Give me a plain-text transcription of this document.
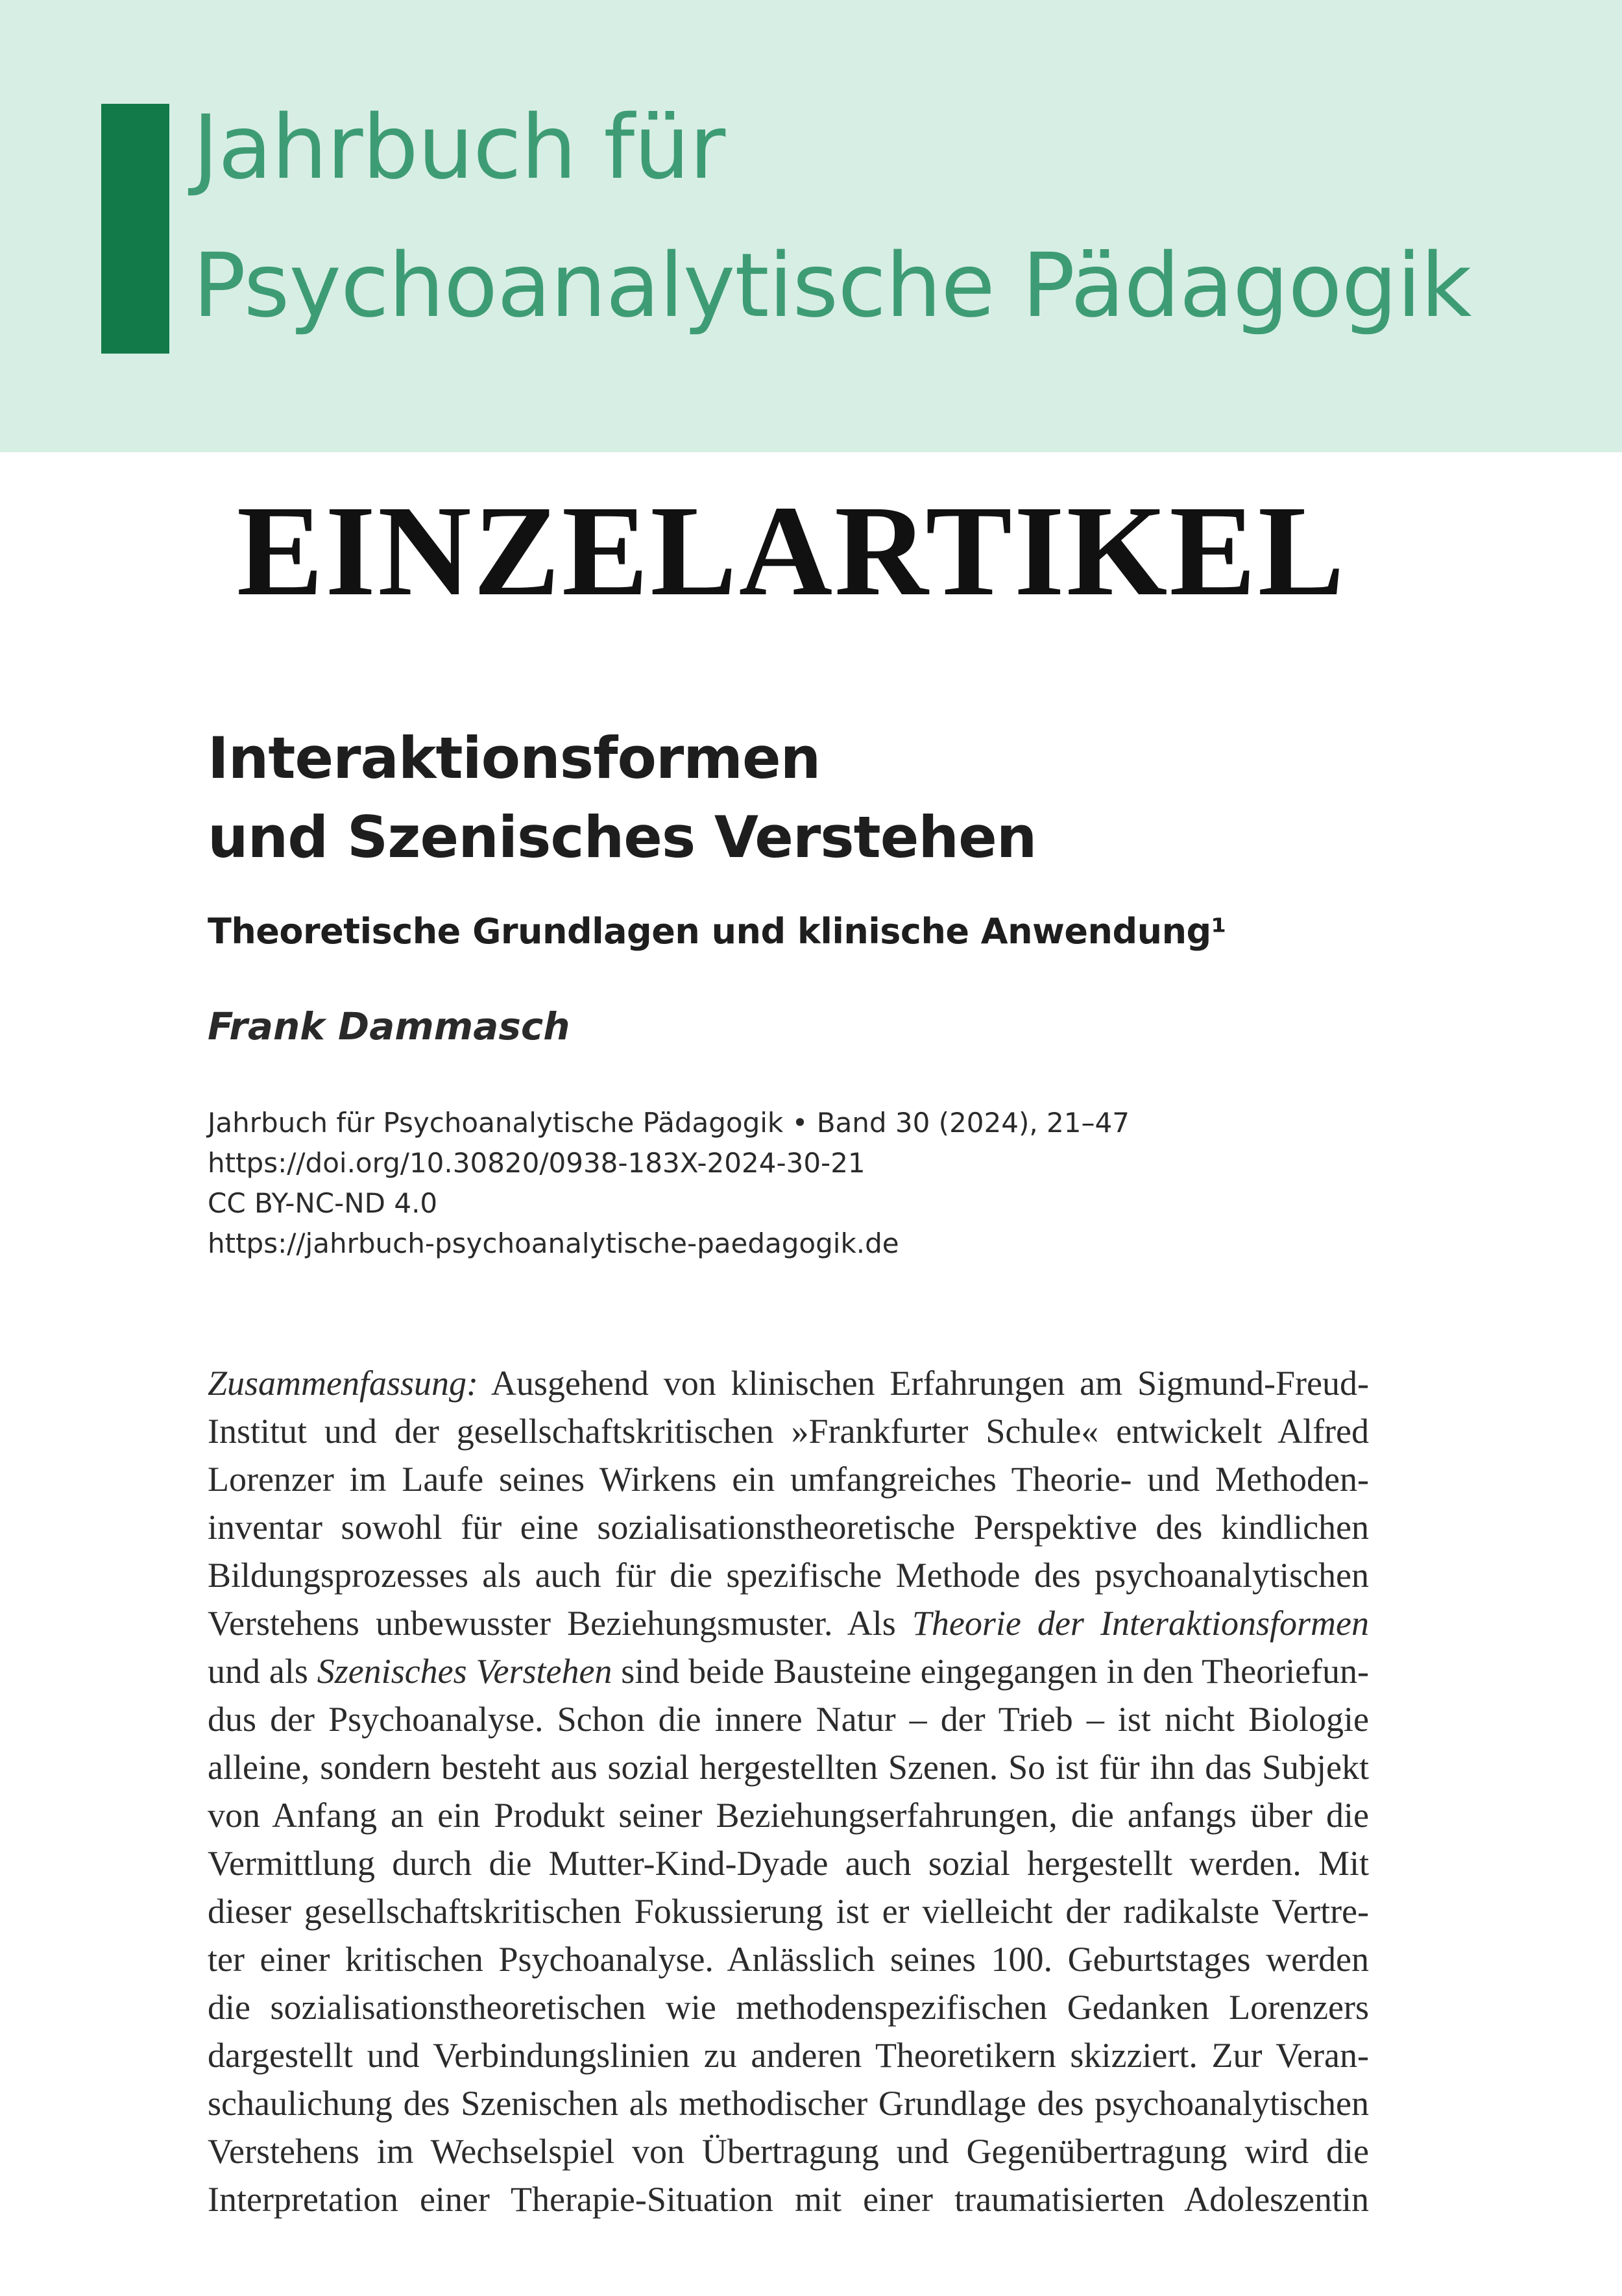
Jahrbuch für
Psychoanalytische Pädagogik
EINZELARTIKEL
Interaktionsformen
und Szenisches Verstehen
Theoretische Grundlagen und klinische Anwendung¹
Frank Dammasch
Jahrbuch für Psychoanalytische Pädagogik • Band 30 (2024), 21–47
https://doi.org/10.30820/0938-183X-2024-30-21
CC BY-NC-ND 4.0
https://jahrbuch-psychoanalytische-paedagogik.de
Zusammenfassung: Ausgehend von klinischen Erfahrungen am Sigmund-Freud-
Institut und der gesellschaftskritischen »Frankfurter Schule« entwickelt Alfred
Lorenzer im Laufe seines Wirkens ein umfangreiches Theorie- und Methoden-
inventar sowohl für eine sozialisationstheoretische Perspektive des kindlichen
Bildungsprozesses als auch für die spezifische Methode des psychoanalytischen
Verstehens unbewusster Beziehungsmuster. Als Theorie der Interaktionsformen
und als Szenisches Verstehen sind beide Bausteine eingegangen in den Theoriefun-
dus der Psychoanalyse. Schon die innere Natur – der Trieb – ist nicht Biologie
alleine, sondern besteht aus sozial hergestellten Szenen. So ist für ihn das Subjekt
von Anfang an ein Produkt seiner Beziehungserfahrungen, die anfangs über die
Vermittlung durch die Mutter-Kind-Dyade auch sozial hergestellt werden. Mit
dieser gesellschaftskritischen Fokussierung ist er vielleicht der radikalste Vertre-
ter einer kritischen Psychoanalyse. Anlässlich seines 100. Geburtstages werden
die sozialisationstheoretischen wie methodenspezifischen Gedanken Lorenzers
dargestellt und Verbindungslinien zu anderen Theoretikern skizziert. Zur Veran-
schaulichung des Szenischen als methodischer Grundlage des psychoanalytischen
Verstehens im Wechselspiel von Übertragung und Gegenübertragung wird die
Interpretation einer Therapie-Situation mit einer traumatisierten Adoleszentin
